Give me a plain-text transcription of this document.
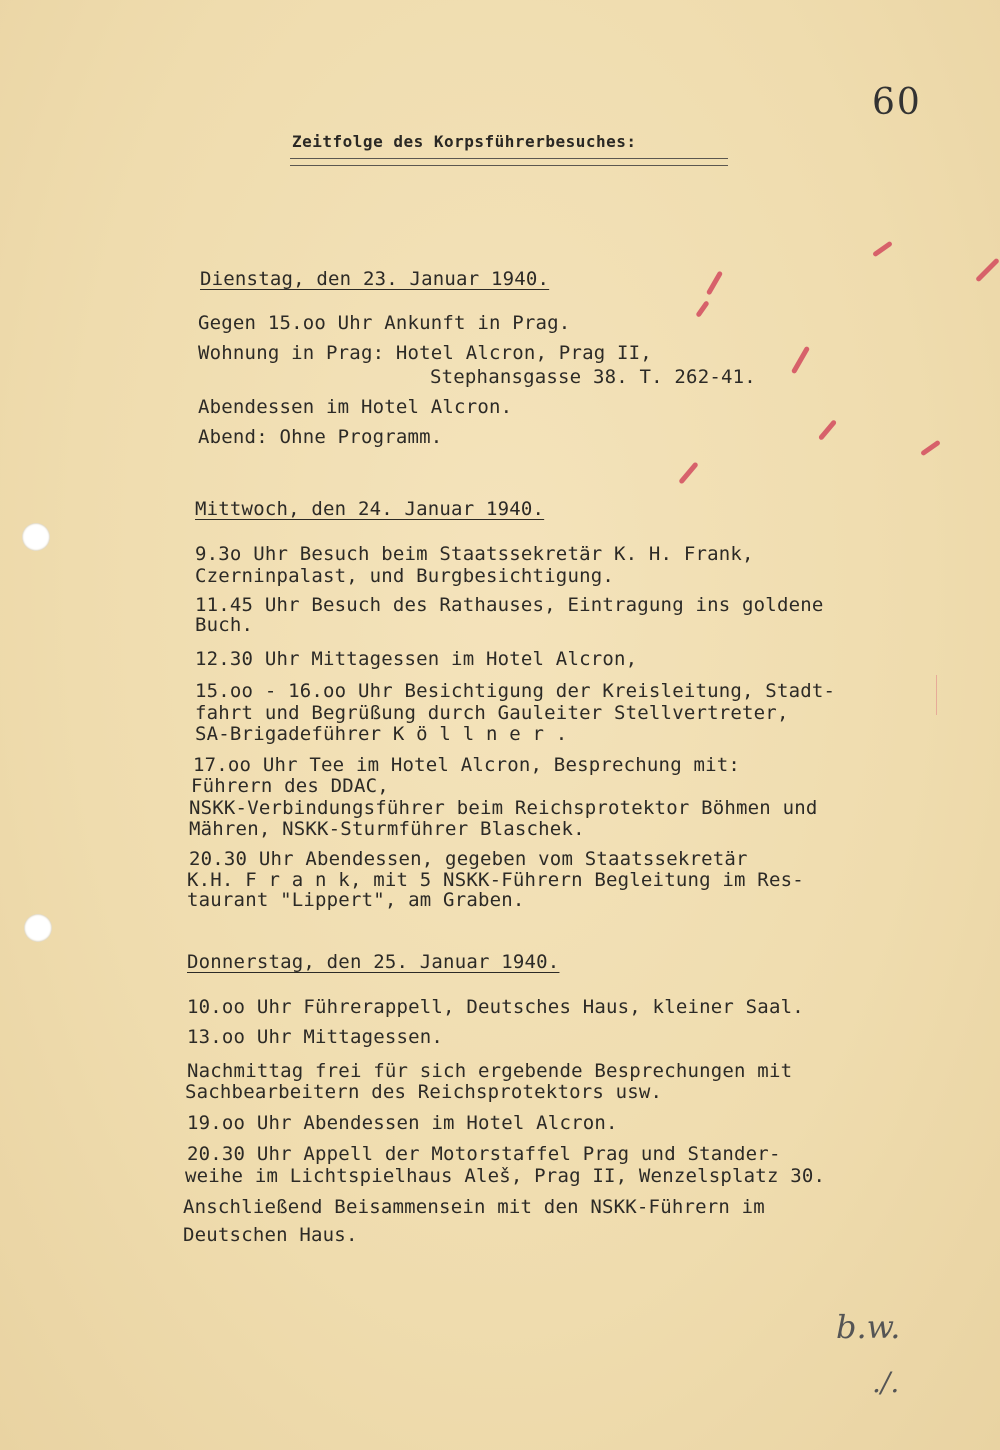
60
Zeitfolge des Korpsführerbesuches:
Dienstag, den 23. Januar 1940.
Gegen 15.oo Uhr Ankunft in Prag.
Wohnung in Prag: Hotel Alcron, Prag II,
Stephansgasse 38. T. 262-41.
Abendessen im Hotel Alcron.
Abend: Ohne Programm.
Mittwoch, den 24. Januar 1940.
9.3o Uhr Besuch beim Staatssekretär K. H. Frank,
Czerninpalast, und Burgbesichtigung.
11.45 Uhr Besuch des Rathauses, Eintragung ins goldene
Buch.
12.30 Uhr Mittagessen im Hotel Alcron,
15.oo - 16.oo Uhr Besichtigung der Kreisleitung, Stadt-
fahrt und Begrüßung durch Gauleiter Stellvertreter,
SA-Brigadeführer K ö l l n e r .
17.oo Uhr Tee im Hotel Alcron, Besprechung mit:
Führern des DDAC,
NSKK-Verbindungsführer beim Reichsprotektor Böhmen und
Mähren, NSKK-Sturmführer Blaschek.
20.30 Uhr Abendessen, gegeben vom Staatssekretär
K.H. F r a n k, mit 5 NSKK-Führern Begleitung im Res-
taurant "Lippert", am Graben.
Donnerstag, den 25. Januar 1940.
10.oo Uhr Führerappell, Deutsches Haus, kleiner Saal.
13.oo Uhr Mittagessen.
Nachmittag frei für sich ergebende Besprechungen mit
Sachbearbeitern des Reichsprotektors usw.
19.oo Uhr Abendessen im Hotel Alcron.
20.30 Uhr Appell der Motorstaffel Prag und Stander-
weihe im Lichtspielhaus Aleš, Prag II, Wenzelsplatz 30.
Anschließend Beisammensein mit den NSKK-Führern im
Deutschen Haus.
b.w.
./.
